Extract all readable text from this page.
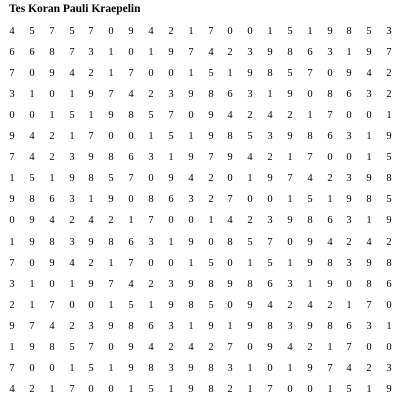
Tes Koran Pauli Kraepelin
4	5	7	5	7	0	9	4	2	1	7	0	0	1	5	1	9	8	5	3
6	6	8	7	3	1	0	1	9	7	4	2	3	9	8	6	3	1	9	7
7	0	9	4	2	1	7	0	0	1	5	1	9	8	5	7	0	9	4	2
3	1	0	1	9	7	4	2	3	9	8	6	3	1	9	0	8	6	3	2
0	0	1	5	1	9	8	5	7	0	9	4	2	4	2	1	7	0	0	1
9	4	2	1	7	0	0	1	5	1	9	8	5	3	9	8	6	3	1	9
7	4	2	3	9	8	6	3	1	9	7	9	4	2	1	7	0	0	1	5
1	5	1	9	8	5	7	0	9	4	2	0	1	9	7	4	2	3	9	8
9	8	6	3	1	9	0	8	6	3	2	7	0	0	1	5	1	9	8	5
0	9	4	2	4	2	1	7	0	0	1	4	2	3	9	8	6	3	1	9
1	9	8	3	9	8	6	3	1	9	0	8	5	7	0	9	4	2	4	2
7	0	9	4	2	1	7	0	0	1	5	0	1	5	1	9	8	3	9	8
3	1	0	1	9	7	4	2	3	9	8	9	8	6	3	1	9	0	8	6
2	1	7	0	0	1	5	1	9	8	5	0	9	4	2	4	2	1	7	0
9	7	4	2	3	9	8	6	3	1	9	1	9	8	3	9	8	6	3	1
1	9	8	5	7	0	9	4	2	4	2	7	0	9	4	2	1	7	0	0
7	0	0	1	5	1	9	8	3	9	8	3	1	0	1	9	7	4	2	3
4	2	1	7	0	0	1	5	1	9	8	2	1	7	0	0	1	5	1	9
